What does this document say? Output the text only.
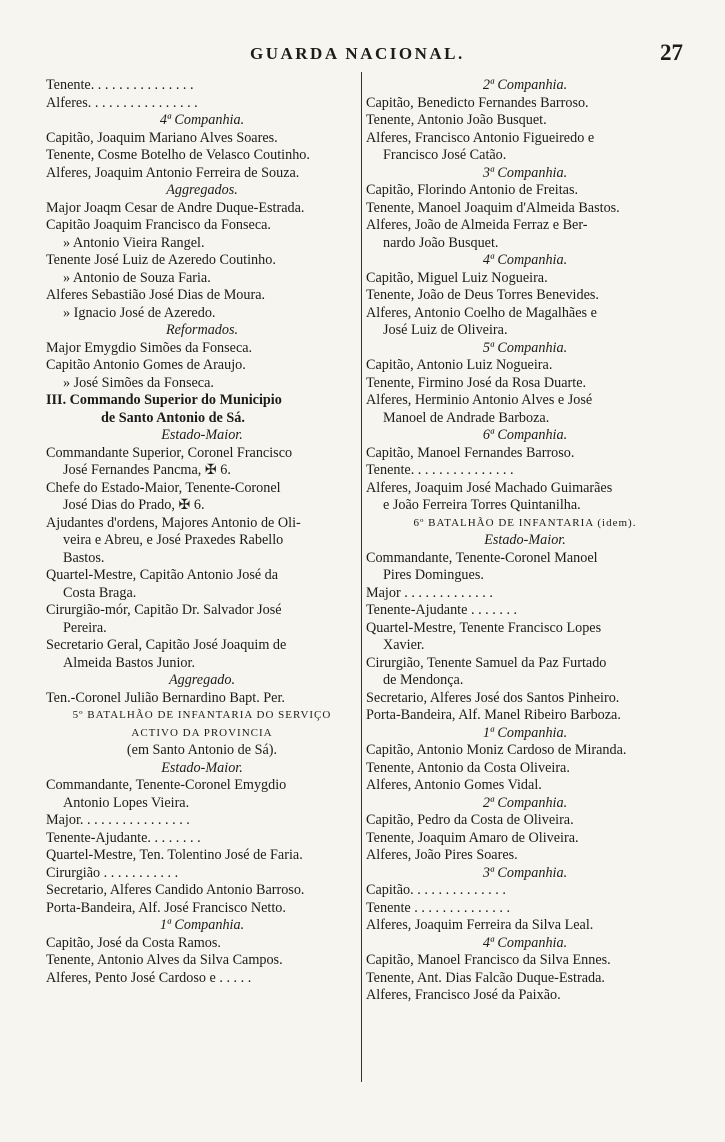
GUARDA NACIONAL.	27
Tenente. . . . . . . . . . . . . . .
Alferes. . . . . . . . . . . . . . . .
4ª Companhia.
Capitão, Joaquim Mariano Alves Soares.
Tenente, Cosme Botelho de Velasco Coutinho.
Alferes, Joaquim Antonio Ferreira de Souza.
Aggregados.
Major Joaqm Cesar de Andre Duque-Estrada.
Capitão Joaquim Francisco da Fonseca.
» Antonio Vieira Rangel.
Tenente José Luiz de Azeredo Coutinho.
» Antonio de Souza Faria.
Alferes Sebastião José Dias de Moura.
» Ignacio José de Azeredo.
Reformados.
Major Emygdio Simões da Fonseca.
Capitão Antonio Gomes de Araujo.
» José Simões da Fonseca.
III. Commando Superior do Municipio
de Santo Antonio de Sá.
Estado-Maior.
Commandante Superior, Coronel Francisco
José Fernandes Pancma, ✠ 6.
Chefe do Estado-Maior, Tenente-Coronel
José Dias do Prado, ✠ 6.
Ajudantes d'ordens, Majores Antonio de Oli-
veira e Abreu, e José Praxedes Rabello
Bastos.
Quartel-Mestre, Capitão Antonio José da
Costa Braga.
Cirurgião-mór, Capitão Dr. Salvador José
Pereira.
Secretario Geral, Capitão José Joaquim de
Almeida Bastos Junior.
Aggregado.
Ten.-Coronel Julião Bernardino Bapt. Per.
5º BATALHÃO DE INFANTARIA DO SERVIÇO
ACTIVO DA PROVINCIA
(em Santo Antonio de Sá).
Estado-Maior.
Commandante, Tenente-Coronel Emygdio
Antonio Lopes Vieira.
Major. . . . . . . . . . . . . . . .
Tenente-Ajudante. . . . . . . .
Quartel-Mestre, Ten. Tolentino José de Faria.
Cirurgião . . . . . . . . . . .
Secretario, Alferes Candido Antonio Barroso.
Porta-Bandeira, Alf. José Francisco Netto.
1ª Companhia.
Capitão, José da Costa Ramos.
Tenente, Antonio Alves da Silva Campos.
Alferes, Pento José Cardoso e . . . . .
2ª Companhia.
Capitão, Benedicto Fernandes Barroso.
Tenente, Antonio João Busquet.
Alferes, Francisco Antonio Figueiredo e
Francisco José Catão.
3ª Companhia.
Capitão, Florindo Antonio de Freitas.
Tenente, Manoel Joaquim d'Almeida Bastos.
Alferes, João de Almeida Ferraz e Ber-
nardo João Busquet.
4ª Companhia.
Capitão, Miguel Luiz Nogueira.
Tenente, João de Deus Torres Benevides.
Alferes, Antonio Coelho de Magalhães e
José Luiz de Oliveira.
5ª Companhia.
Capitão, Antonio Luiz Nogueira.
Tenente, Firmino José da Rosa Duarte.
Alferes, Herminio Antonio Alves e José
Manoel de Andrade Barboza.
6ª Companhia.
Capitão, Manoel Fernandes Barroso.
Tenente. . . . . . . . . . . . . . .
Alferes, Joaquim José Machado Guimarães
e João Ferreira Torres Quintanilha.
6º BATALHÃO DE INFANTARIA (idem).
Estado-Maior.
Commandante, Tenente-Coronel Manoel
Pires Domingues.
Major . . . . . . . . . . . . .
Tenente-Ajudante . . . . . . .
Quartel-Mestre, Tenente Francisco Lopes
Xavier.
Cirurgião, Tenente Samuel da Paz Furtado
de Mendonça.
Secretario, Alferes José dos Santos Pinheiro.
Porta-Bandeira, Alf. Manel Ribeiro Barboza.
1ª Companhia.
Capitão, Antonio Moniz Cardoso de Miranda.
Tenente, Antonio da Costa Oliveira.
Alferes, Antonio Gomes Vidal.
2ª Companhia.
Capitão, Pedro da Costa de Oliveira.
Tenente, Joaquim Amaro de Oliveira.
Alferes, João Pires Soares.
3ª Companhia.
Capitão. . . . . . . . . . . . . .
Tenente . . . . . . . . . . . . . .
Alferes, Joaquim Ferreira da Silva Leal.
4ª Companhia.
Capitão, Manoel Francisco da Silva Ennes.
Tenente, Ant. Dias Falcão Duque-Estrada.
Alferes, Francisco José da Paixão.
